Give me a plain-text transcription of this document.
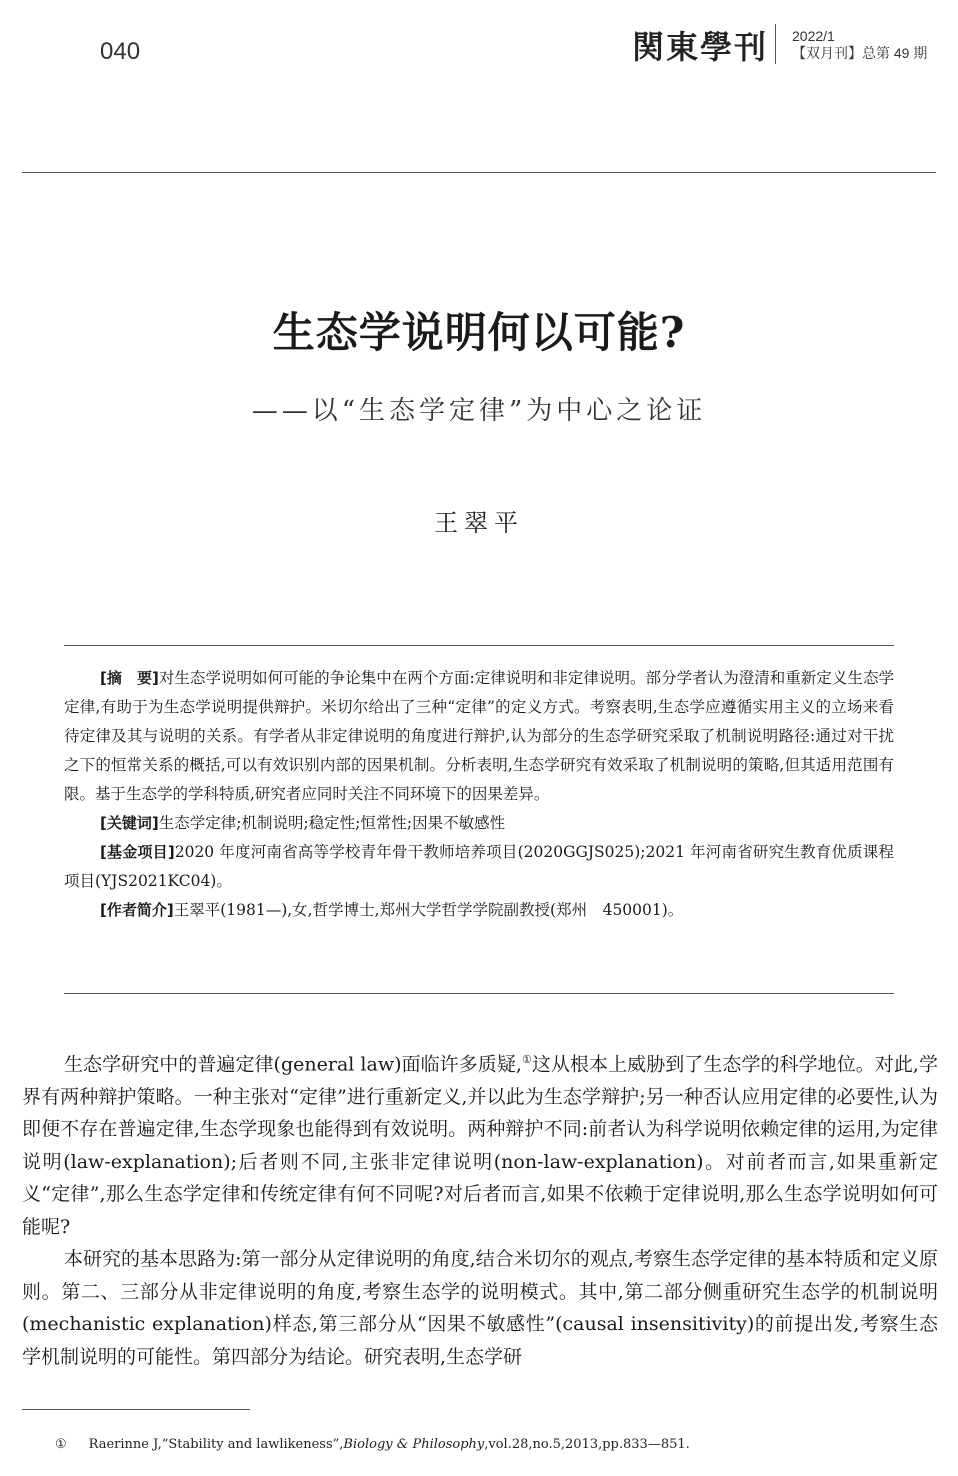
040	関東學刊 2022/1
【双月刊】总第 49 期
生态学说明何以可能?
——以“生态学定律”为中心之论证
王翠平

[摘　要]对生态学说明如何可能的争论集中在两个方面:定律说明和非定律说明。部分学者认为澄清和重新定义生态学定律,有助于为生态学说明提供辩护。米切尔给出了三种“定律”的定义方式。考察表明,生态学应遵循实用主义的立场来看待定律及其与说明的关系。有学者从非定律说明的角度进行辩护,认为部分的生态学研究采取了机制说明路径:通过对干扰之下的恒常关系的概括,可以有效识别内部的因果机制。分析表明,生态学研究有效采取了机制说明的策略,但其适用范围有限。基于生态学的学科特质,研究者应同时关注不同环境下的因果差异。

[关键词]生态学定律;机制说明;稳定性;恒常性;因果不敏感性

[基金项目]2020 年度河南省高等学校青年骨干教师培养项目(2020GGJS025);2021 年河南省研究生教育优质课程项目(YJS2021KC04)。

[作者简介]王翠平(1981—),女,哲学博士,郑州大学哲学学院副教授(郑州　450001)。

生态学研究中的普遍定律(general law)面临许多质疑,①这从根本上威胁到了生态学的科学地位。对此,学界有两种辩护策略。一种主张对“定律”进行重新定义,并以此为生态学辩护;另一种否认应用定律的必要性,认为即便不存在普遍定律,生态学现象也能得到有效说明。两种辩护不同:前者认为科学说明依赖定律的运用,为定律说明(law-explanation);后者则不同,主张非定律说明(non-law-explanation)。对前者而言,如果重新定义“定律”,那么生态学定律和传统定律有何不同呢?对后者而言,如果不依赖于定律说明,那么生态学说明如何可能呢?

本研究的基本思路为:第一部分从定律说明的角度,结合米切尔的观点,考察生态学定律的基本特质和定义原则。第二、三部分从非定律说明的角度,考察生态学的说明模式。其中,第二部分侧重研究生态学的机制说明(mechanistic explanation)样态,第三部分从“因果不敏感性”(causal insensitivity)的前提出发,考察生态学机制说明的可能性。第四部分为结论。研究表明,生态学研

① Raerinne J,“Stability and lawlikeness”,Biology & Philosophy,vol.28,no.5,2013,pp.833—851.
